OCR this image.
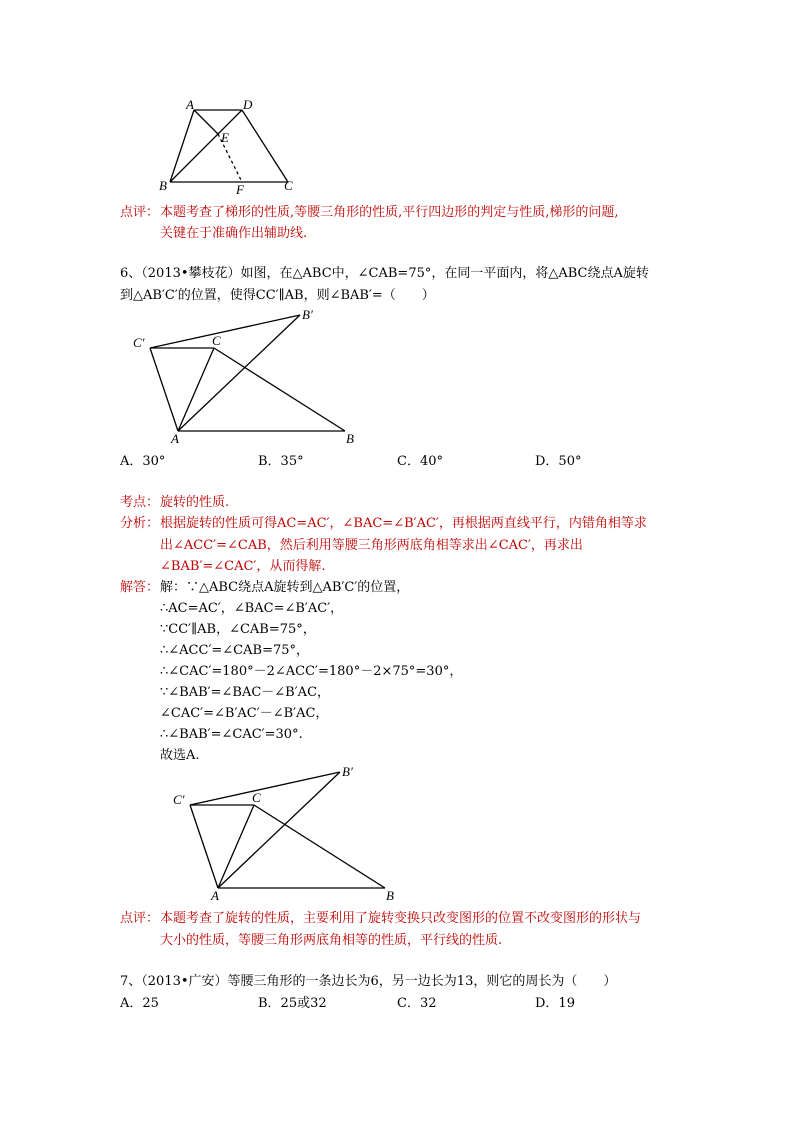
A	D
E
B	F	C
点评： 本题考查了梯形的性质,等腰三角形的性质,平行四边形的判定与性质,梯形的问题,
关键在于准确作出辅助线.
6、（2013•攀枝花）如图，在△ABC中，∠CAB=75°，在同一平面内，将△ABC绕点A旋转
到△AB′C′的位置，使得CC′∥AB，则∠BAB′=（　　）
C′	C
B′
A	B
A．30°	B．35°	C．40°	D．50°
考点： 旋转的性质.
分析： 根据旋转的性质可得AC=AC′，∠BAC=∠B′AC′，再根据两直线平行，内错角相等求
出∠ACC′=∠CAB，然后利用等腰三角形两底角相等求出∠CAC′，再求出
∠BAB′=∠CAC′，从而得解.
解答： 解：∵△ABC绕点A旋转到△AB′C′的位置，
∴AC=AC′，∠BAC=∠B′AC′，
∵CC′∥AB，∠CAB=75°，
∴∠ACC′=∠CAB=75°，
∴∠CAC′=180°－2∠ACC′=180°－2×75°=30°，
∵∠BAB′=∠BAC－∠B′AC，
∠CAC′=∠B′AC′－∠B′AC，
∴∠BAB′=∠CAC′=30°.
故选A.
C′	C
B′
A	B
点评： 本题考查了旋转的性质，主要利用了旋转变换只改变图形的位置不改变图形的形状与
大小的性质，等腰三角形两底角相等的性质，平行线的性质.
7、（2013•广安）等腰三角形的一条边长为6，另一边长为13，则它的周长为（　　）
A．25	B．25或32	C．32	D．19
